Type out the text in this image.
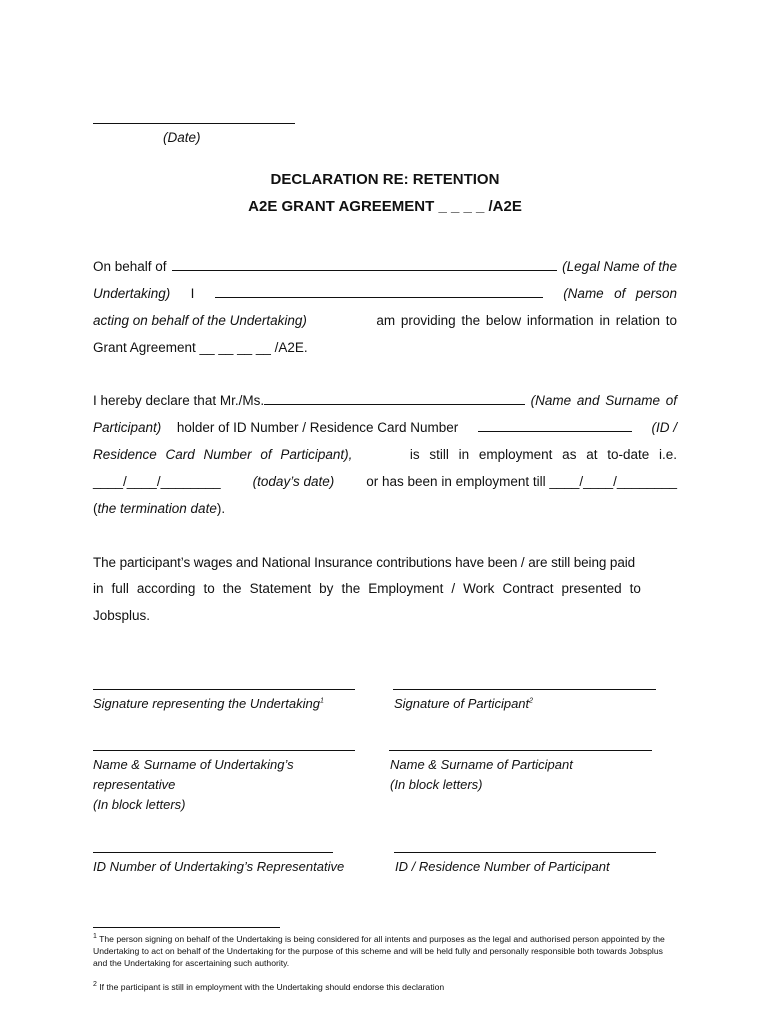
(Date)
DECLARATION RE: RETENTION
A2E GRANT AGREEMENT _ _ _ _ /A2E
On behalf of	(Legal Name of the
Undertaking) I	(Name of person
acting on behalf of the Undertaking)	am providing the below information in relation to
Grant Agreement __ __ __ __ /A2E.
I hereby declare that Mr./Ms.	(Name and Surname of
Participant) holder of ID Number / Residence Card Number	(ID /
Residence Card Number of Participant),	is still in employment as at to-date i.e.
____/____/________ (today’s date) or has been in employment till ____/____/________
(the termination date).
The participant’s wages and National Insurance contributions have been / are still being paid
in full according to the Statement by the Employment / Work Contract presented to
Jobsplus.
Signature representing the Undertaking$^1$	Signature of Participant$^2$
Name & Surname of Undertaking’s
representative
(In block letters)
Name & Surname of Participant
(In block letters)
ID Number of Undertaking’s Representative	ID / Residence Number of Participant
$^1$ The person signing on behalf of the Undertaking is being considered for all intents and purposes as the legal and authorised person appointed by the Undertaking to act on behalf of the Undertaking for the purpose of this scheme and will be held fully and personally responsible both towards Jobsplus and the Undertaking for ascertaining such authority.
$^2$ If the participant is still in employment with the Undertaking should endorse this declaration
